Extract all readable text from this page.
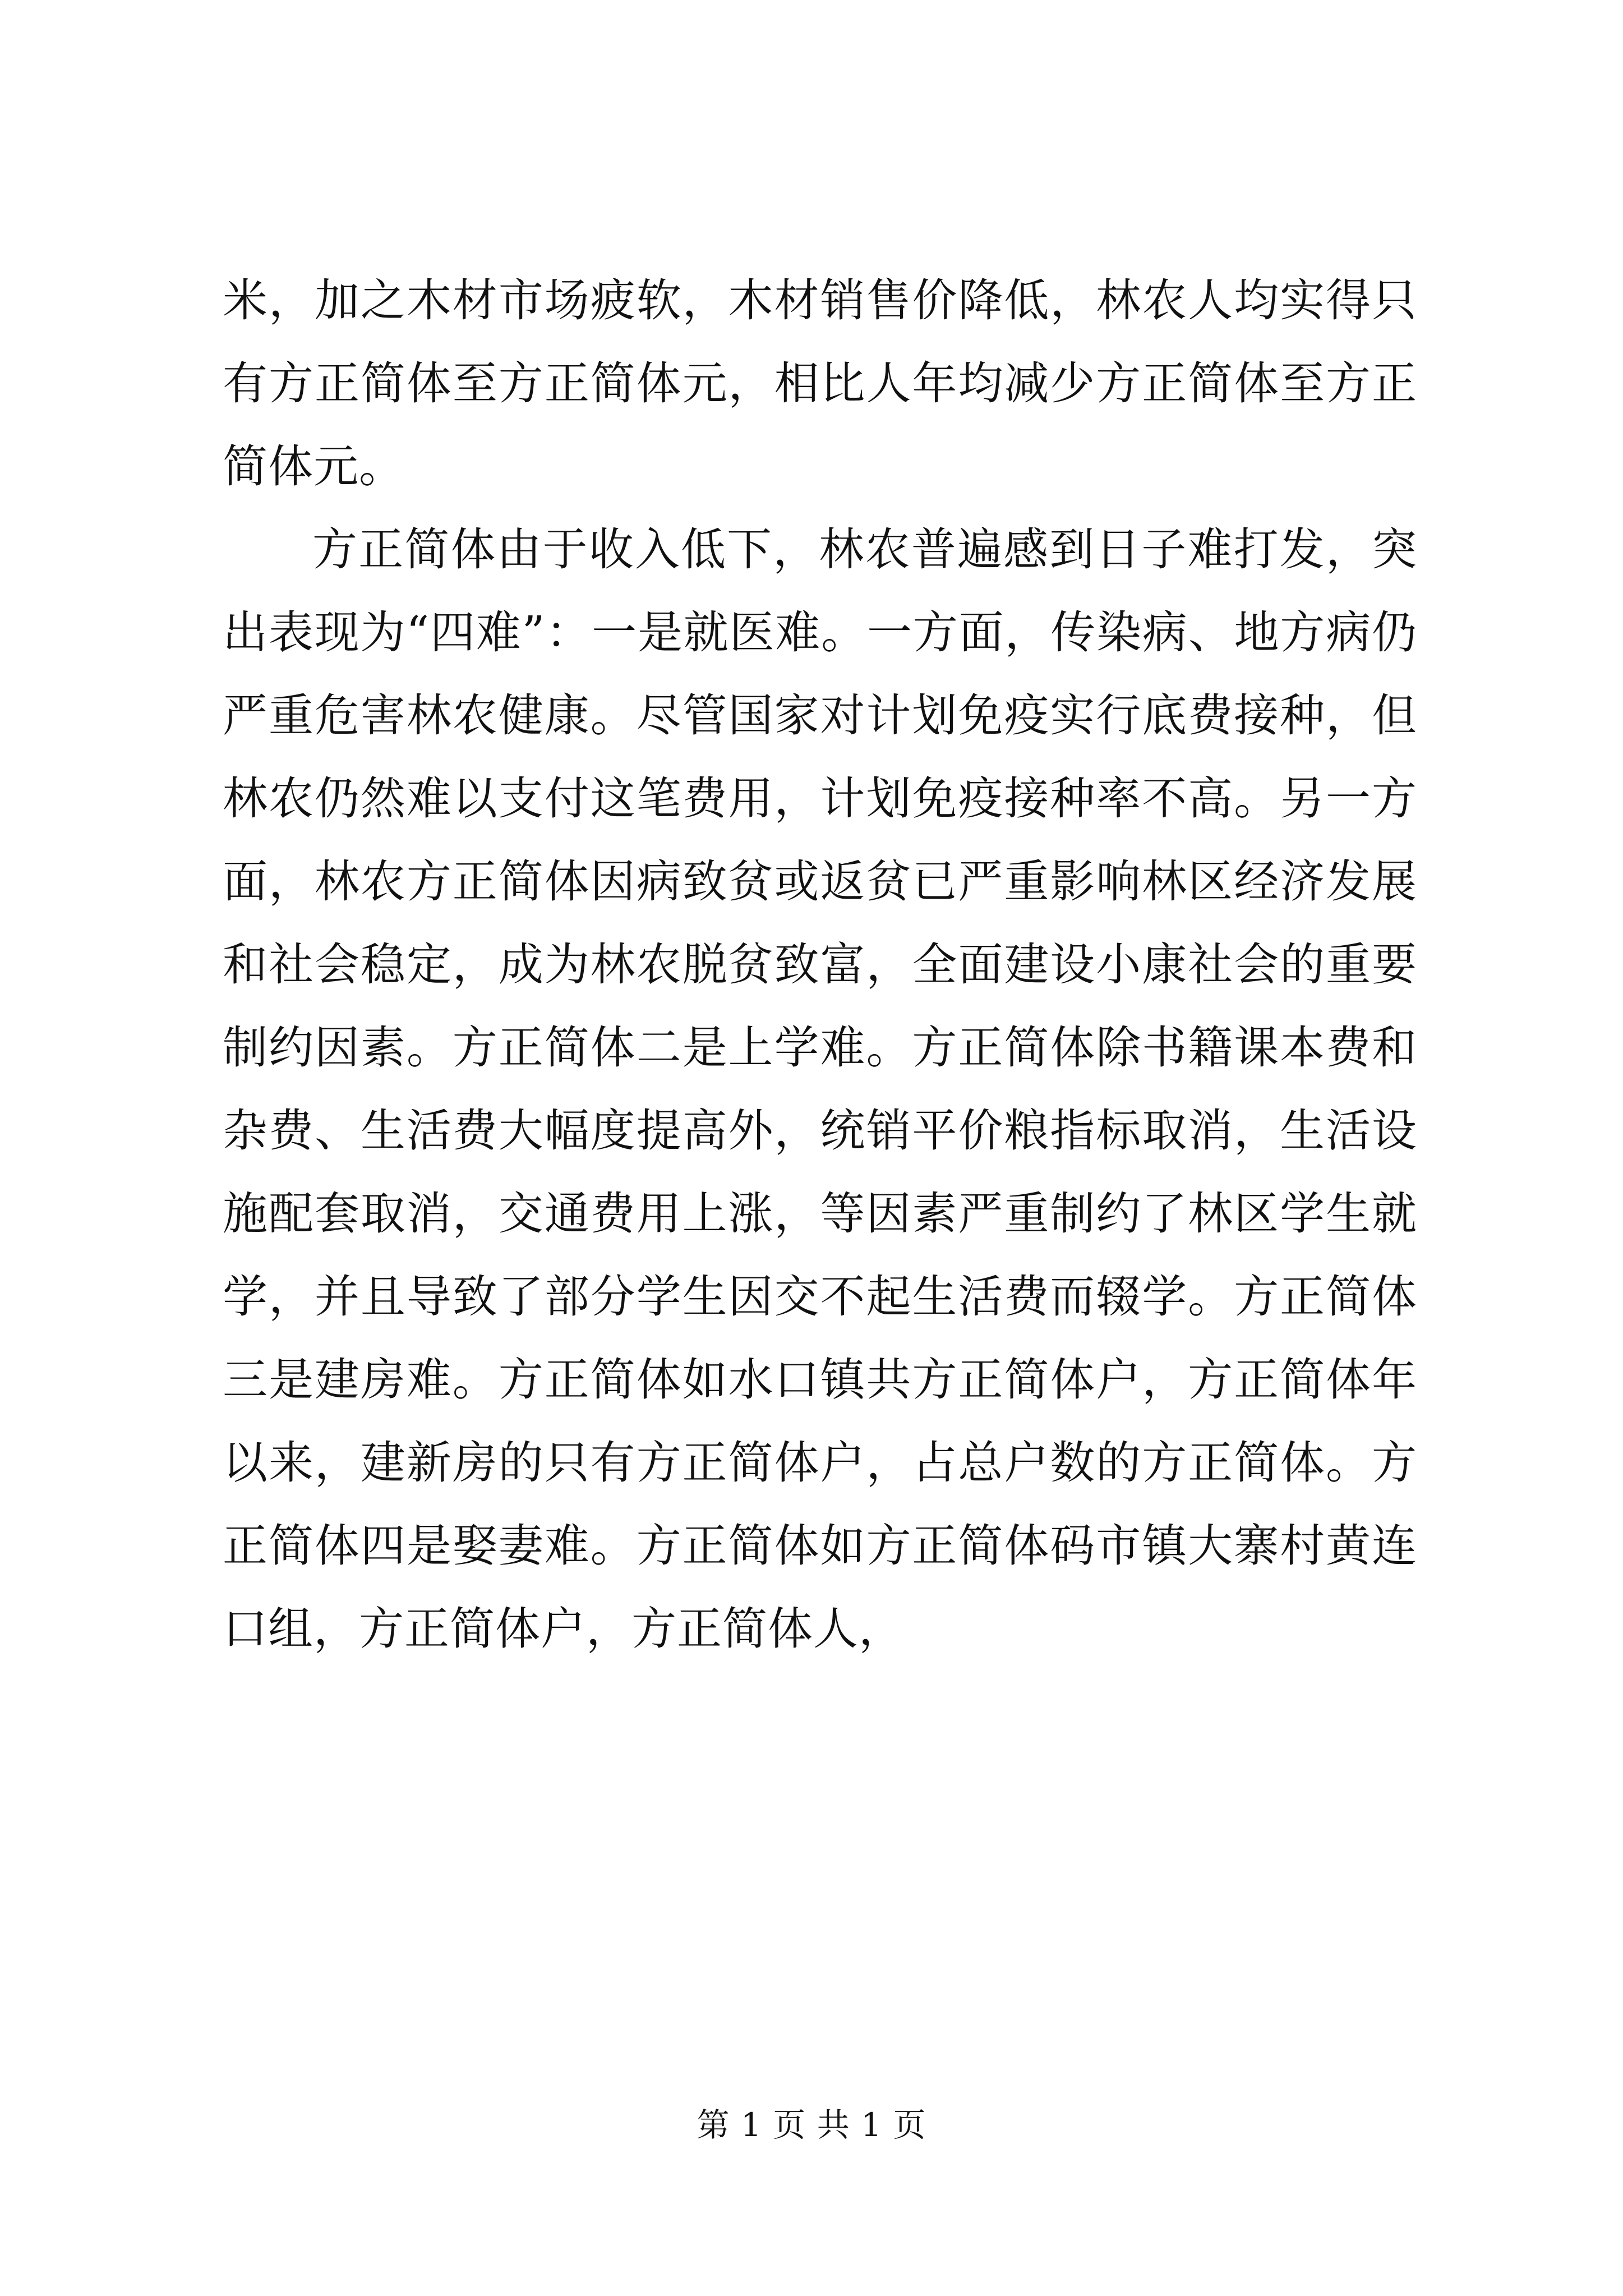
米，加之木材市场疲软，木材销售价降低，林农人均实得只有方正简体至方正简体元，相比人年均减少方正简体至方正简体元。

方正简体由于收入低下，林农普遍感到日子难打发，突出表现为“四难”：一是就医难。一方面，传染病、地方病仍严重危害林农健康。尽管国家对计划免疫实行底费接种，但林农仍然难以支付这笔费用，计划免疫接种率不高。另一方面，林农方正简体因病致贫或返贫已严重影响林区经济发展和社会稳定，成为林农脱贫致富，全面建设小康社会的重要制约因素。方正简体二是上学难。方正简体除书籍课本费和杂费、生活费大幅度提高外，统销平价粮指标取消，生活设施配套取消，交通费用上涨，等因素严重制约了林区学生就学，并且导致了部分学生因交不起生活费而辍学。方正简体三是建房难。方正简体如水口镇共方正简体户，方正简体年以来，建新房的只有方正简体户，占总户数的方正简体。方正简体四是娶妻难。方正简体如方正简体码市镇大寨村黄连口组，方正简体户，方正简体人，

第 1 页 共 1 页
